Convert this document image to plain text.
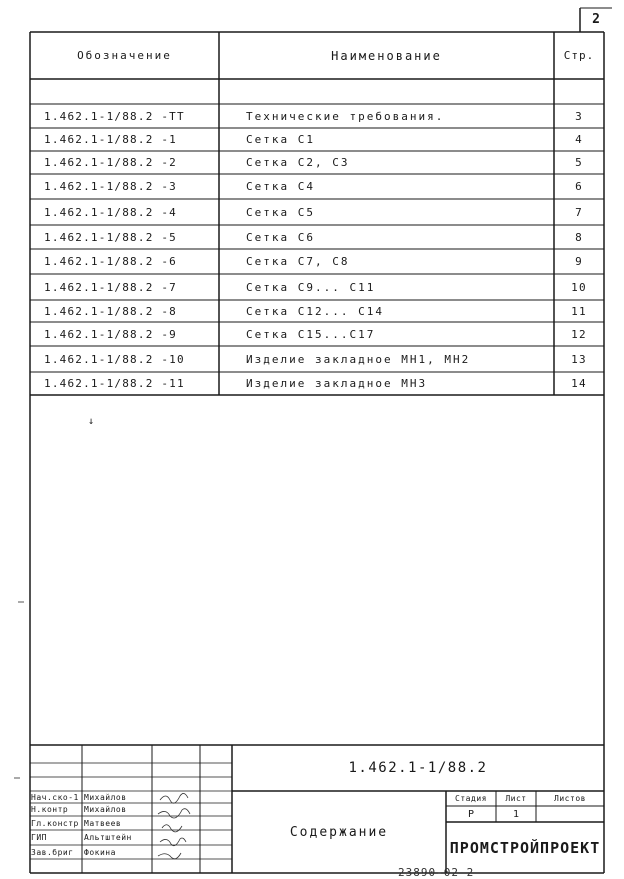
2
Обозначение	Наименование	Стр.
1.462.1-1/88.2 -ТТ	Технические требования.	3
1.462.1-1/88.2 -1	Сетка С1	4
1.462.1-1/88.2 -2	Сетка С2, С3	5
1.462.1-1/88.2 -3	Сетка С4	6
1.462.1-1/88.2 -4	Сетка С5	7
1.462.1-1/88.2 -5	Сетка С6	8
1.462.1-1/88.2 -6	Сетка С7, С8	9
1.462.1-1/88.2 -7	Сетка С9... С11	10
1.462.1-1/88.2 -8	Сетка С12... С14	11
1.462.1-1/88.2 -9	Сетка С15...С17	12
1.462.1-1/88.2 -10	Изделие закладное МН1, МН2	13
1.462.1-1/88.2 -11	Изделие закладное МН3	14
↓
1.462.1-1/88.2
Содержание
Стадия	Лист	Листов
Р	1
ПРОМСТРОЙПРОЕКТ
Нач.ско-1 Михайлов
Н.контр	Михайлов
Гл.констр Матвеев
ГИП	Альтштейн
Зав.бриг	Фокина
23890-02 2
